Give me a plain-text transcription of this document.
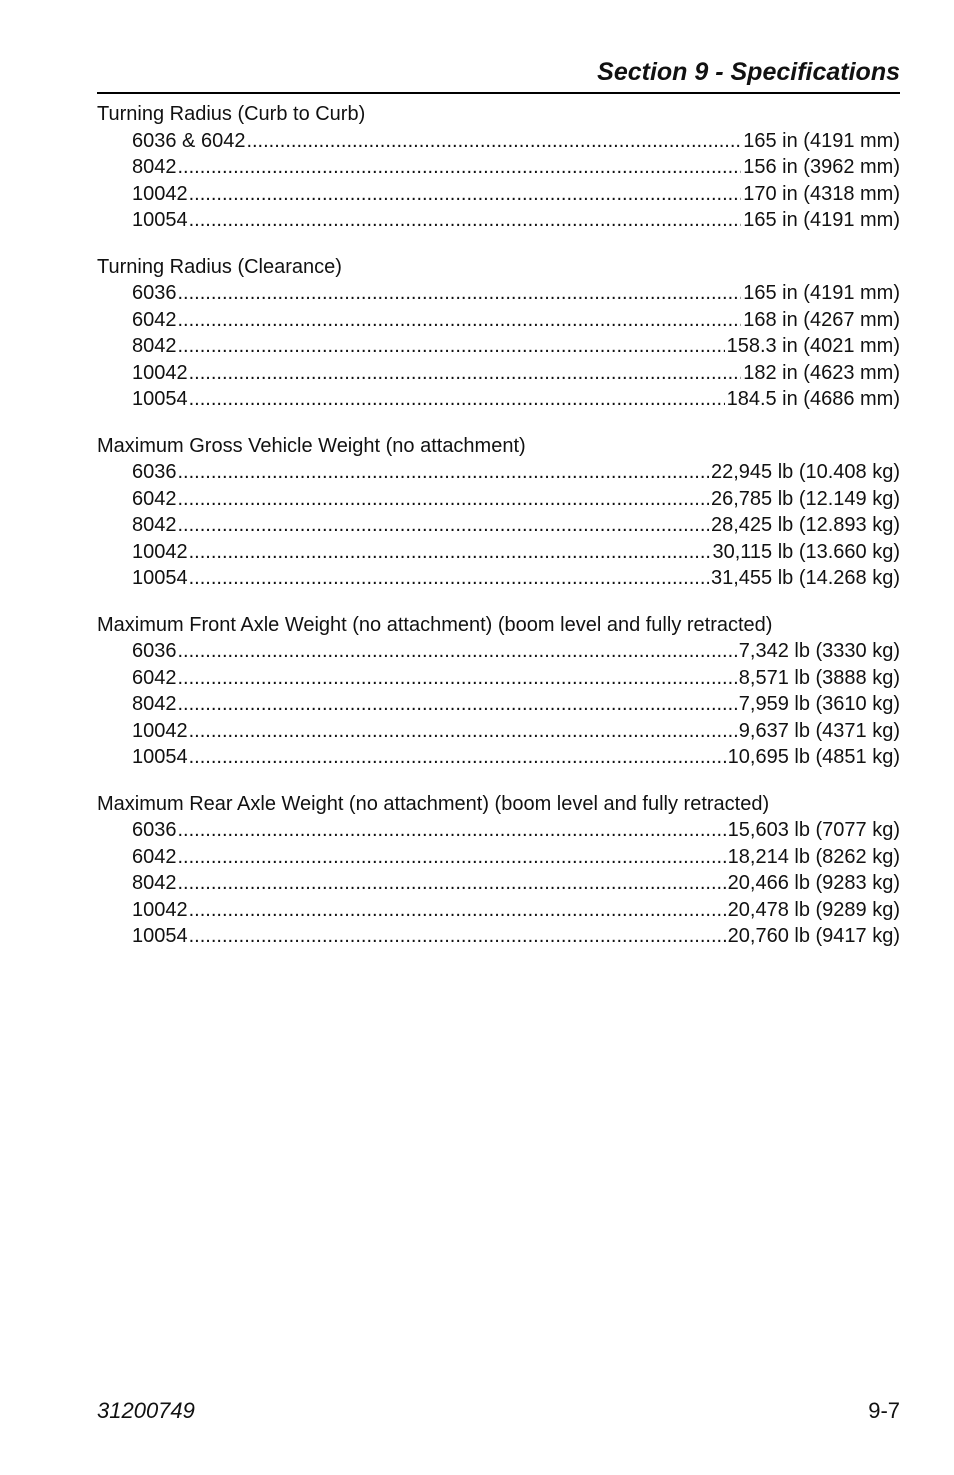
Section 9 - Specifications
Turning Radius (Curb to Curb)
6036 & 6042 .....	165 in (4191 mm)
8042 .....	156 in (3962 mm)
10042 .....	170 in (4318 mm)
10054 .....	165 in (4191 mm)
Turning Radius (Clearance)
6036 .....	165 in (4191 mm)
6042 .....	168 in (4267 mm)
8042 .....	158.3 in (4021 mm)
10042 .....	182 in (4623 mm)
10054 .....	184.5 in (4686 mm)
Maximum Gross Vehicle Weight (no attachment)
6036 .....	22,945 lb (10.408 kg)
6042 .....	26,785 lb (12.149 kg)
8042 .....	28,425 lb (12.893 kg)
10042 .....	30,115 lb (13.660 kg)
10054 .....	31,455 lb (14.268 kg)
Maximum Front Axle Weight (no attachment) (boom level and fully retracted)
6036 .....	7,342 lb (3330 kg)
6042 .....	8,571 lb (3888 kg)
8042 .....	7,959 lb (3610 kg)
10042 .....	9,637 lb (4371 kg)
10054 .....	10,695 lb (4851 kg)
Maximum Rear Axle Weight (no attachment) (boom level and fully retracted)
6036 .....	15,603 lb (7077 kg)
6042 .....	18,214 lb (8262 kg)
8042 .....	20,466 lb (9283 kg)
10042 .....	20,478 lb (9289 kg)
10054 .....	20,760 lb (9417 kg)
31200749	9-7
